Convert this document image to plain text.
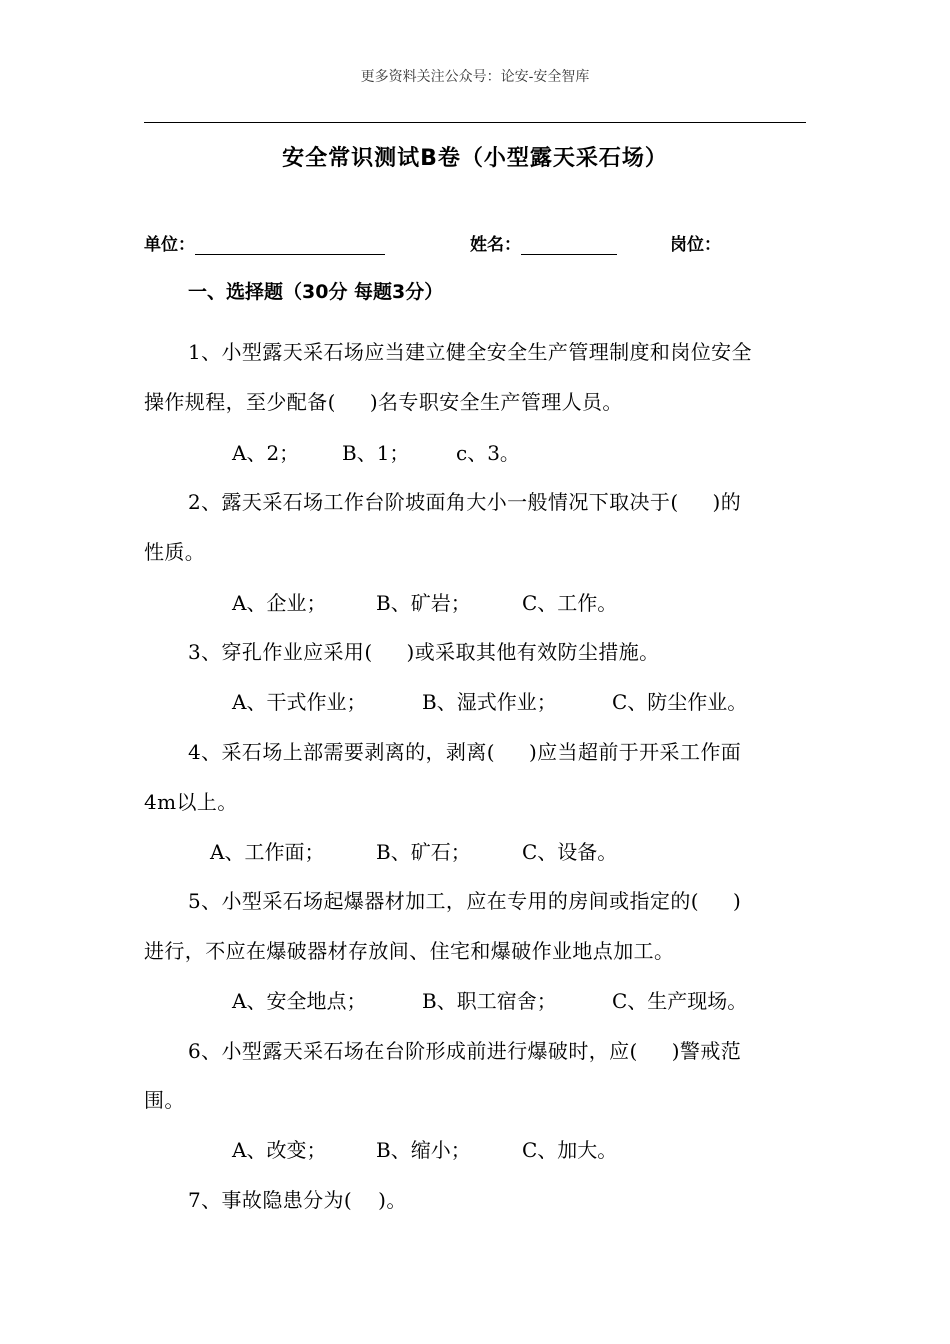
更多资料关注公众号：论安-安全智库
安全常识测试B卷（小型露天采石场）
单位：	姓名：	岗位：
一、选择题（30分 每题3分）
1、小型露天采石场应当建立健全安全生产管理制度和岗位安全
操作规程，至少配备( )名专职安全生产管理人员。
A、2； B、1； c、3。
2、露天采石场工作台阶坡面角大小一般情况下取决于( )的
性质。
A、企业； B、矿岩；	C、工作。
3、穿孔作业应采用( )或采取其他有效防尘措施。
A、干式作业；	B、湿式作业；	C、防尘作业。
4、采石场上部需要剥离的，剥离( )应当超前于开采工作面
4m以上。
A、工作面；	B、矿石；	C、设备。
5、小型采石场起爆器材加工，应在专用的房间或指定的( )
进行，不应在爆破器材存放间、住宅和爆破作业地点加工。
A、安全地点；	B、职工宿舍；	C、生产现场。
6、小型露天采石场在台阶形成前进行爆破时，应( )警戒范
围。
A、改变； B、缩小；	C、加大。
7、事故隐患分为( )。
